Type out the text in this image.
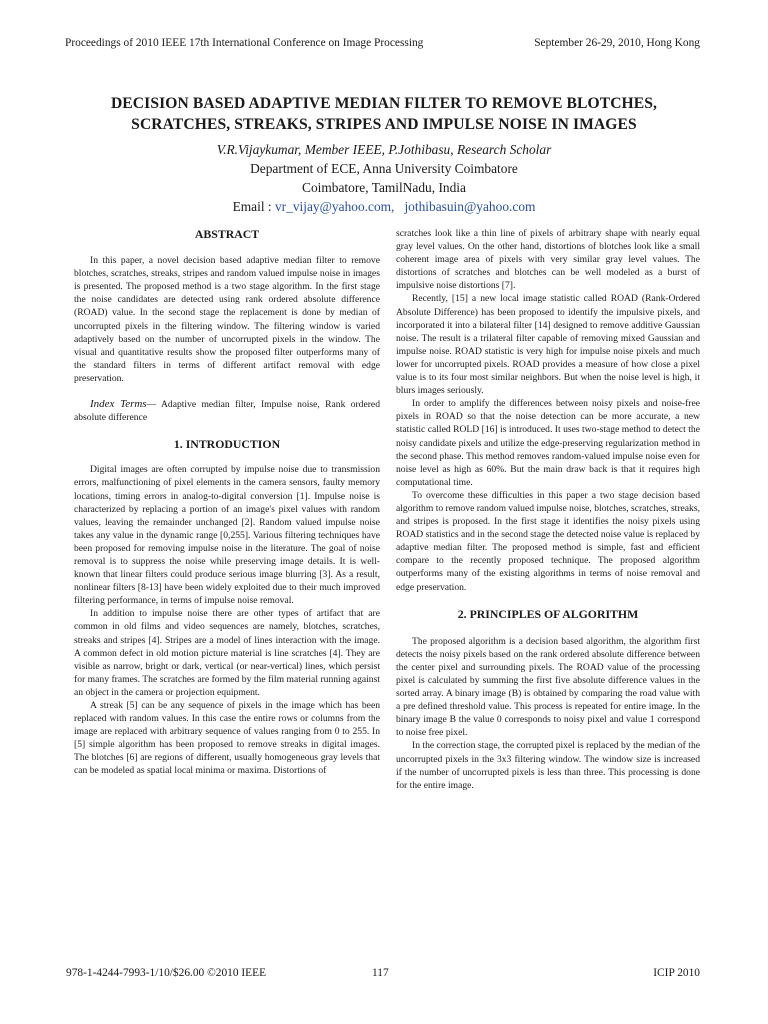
Proceedings of 2010 IEEE 17th International Conference on Image Processing	September 26-29, 2010, Hong Kong
DECISION BASED ADAPTIVE MEDIAN FILTER TO REMOVE BLOTCHES,
SCRATCHES, STREAKS, STRIPES AND IMPULSE NOISE IN IMAGES
V.R.Vijaykumar, Member IEEE, P.Jothibasu, Research Scholar
Department of ECE, Anna University Coimbatore
Coimbatore, TamilNadu, India
Email : vr_vijay@yahoo.com, jothibasuin@yahoo.com
ABSTRACT

In this paper, a novel decision based adaptive median filter to remove blotches, scratches, streaks, stripes and random valued impulse noise in images is presented. The proposed method is a two stage algorithm. In the first stage the noise candidates are detected using rank ordered absolute difference (ROAD) value. In the second stage the replacement is done by median of uncorrupted pixels in the filtering window. The filtering window is varied adaptively based on the number of uncorrupted pixels in the window. The visual and quantitative results show the proposed filter outperforms many of the standard filters in terms of different artifact removal with edge preservation.

Index Terms— Adaptive median filter, Impulse noise, Rank ordered absolute difference

1. INTRODUCTION

Digital images are often corrupted by impulse noise due to transmission errors, malfunctioning of pixel elements in the camera sensors, faulty memory locations, timing errors in analog-to-digital conversion [1]. Impulse noise is characterized by replacing a portion of an image's pixel values with random values, leaving the remainder unchanged [2]. Random valued impulse noise takes any value in the dynamic range [0,255]. Various filtering techniques have been proposed for removing impulse noise in the literature. The goal of noise removal is to suppress the noise while preserving image details. It is well-known that linear filters could produce serious image blurring [3]. As a result, nonlinear filters [8-13] have been widely exploited due to their much improved filtering performance, in terms of impulse noise removal.

In addition to impulse noise there are other types of artifact that are common in old films and video sequences are namely, blotches, scratches, streaks and stripes [4]. Stripes are a model of lines interaction with the image. A common defect in old motion picture material is line scratches [4]. They are visible as narrow, bright or dark, vertical (or near-vertical) lines, which persist for many frames. The scratches are formed by the film material running against an object in the camera or projection equipment.

A streak [5] can be any sequence of pixels in the image which has been replaced with random values. In this case the entire rows or columns from the image are replaced with arbitrary sequence of values ranging from 0 to 255. In [5] simple algorithm has been proposed to remove streaks in digital images. The blotches [6] are regions of different, usually homogeneous gray levels that can be modeled as spatial local minima or maxima. Distortions of

scratches look like a thin line of pixels of arbitrary shape with nearly equal gray level values. On the other hand, distortions of blotches look like a small coherent image area of pixels with very similar gray level values. The distortions of scratches and blotches can be well modeled as a burst of impulsive noise distortions [7].

Recently, [15] a new local image statistic called ROAD (Rank-Ordered Absolute Difference) has been proposed to identify the impulsive pixels, and incorporated it into a bilateral filter [14] designed to remove additive Gaussian noise. The result is a trilateral filter capable of removing mixed Gaussian and impulse noise. ROAD statistic is very high for impulse noise pixels and much lower for uncorrupted pixels. ROAD provides a measure of how close a pixel value is to its four most similar neighbors. But when the noise level is high, it blurs images seriously.

In order to amplify the differences between noisy pixels and noise-free pixels in ROAD so that the noise detection can be more accurate, a new statistic called ROLD [16] is introduced. It uses two-stage method to detect the noisy candidate pixels and utilize the edge-preserving regularization method in the second phase. This method removes random-valued impulse noise even for noise level as high as 60%. But the main draw back is that it requires high computational time.

To overcome these difficulties in this paper a two stage decision based algorithm to remove random valued impulse noise, blotches, scratches, streaks, and stripes is proposed. In the first stage it identifies the noisy pixels using ROAD statistics and in the second stage the detected noise value is replaced by adaptive median filter. The proposed method is simple, fast and efficient compare to the recently proposed technique. The proposed algorithm outperforms many of the existing algorithms in terms of noise removal and edge preservation.

2. PRINCIPLES OF ALGORITHM

The proposed algorithm is a decision based algorithm, the algorithm first detects the noisy pixels based on the rank ordered absolute difference between the center pixel and surrounding pixels. The ROAD value of the processing pixel is calculated by summing the first five absolute difference values in the sorted array. A binary image (B) is obtained by comparing the road value with a pre defined threshold value. This process is repeated for entire image. In the binary image B the value 0 corresponds to noisy pixel and value 1 correspond to noise free pixel.

In the correction stage, the corrupted pixel is replaced by the median of the uncorrupted pixels in the 3x3 filtering window. The window size is increased if the number of uncorrupted pixels is less than three. This processing is done for the entire image.

978-1-4244-7993-1/10/$26.00 ©2010 IEEE	117	ICIP 2010
